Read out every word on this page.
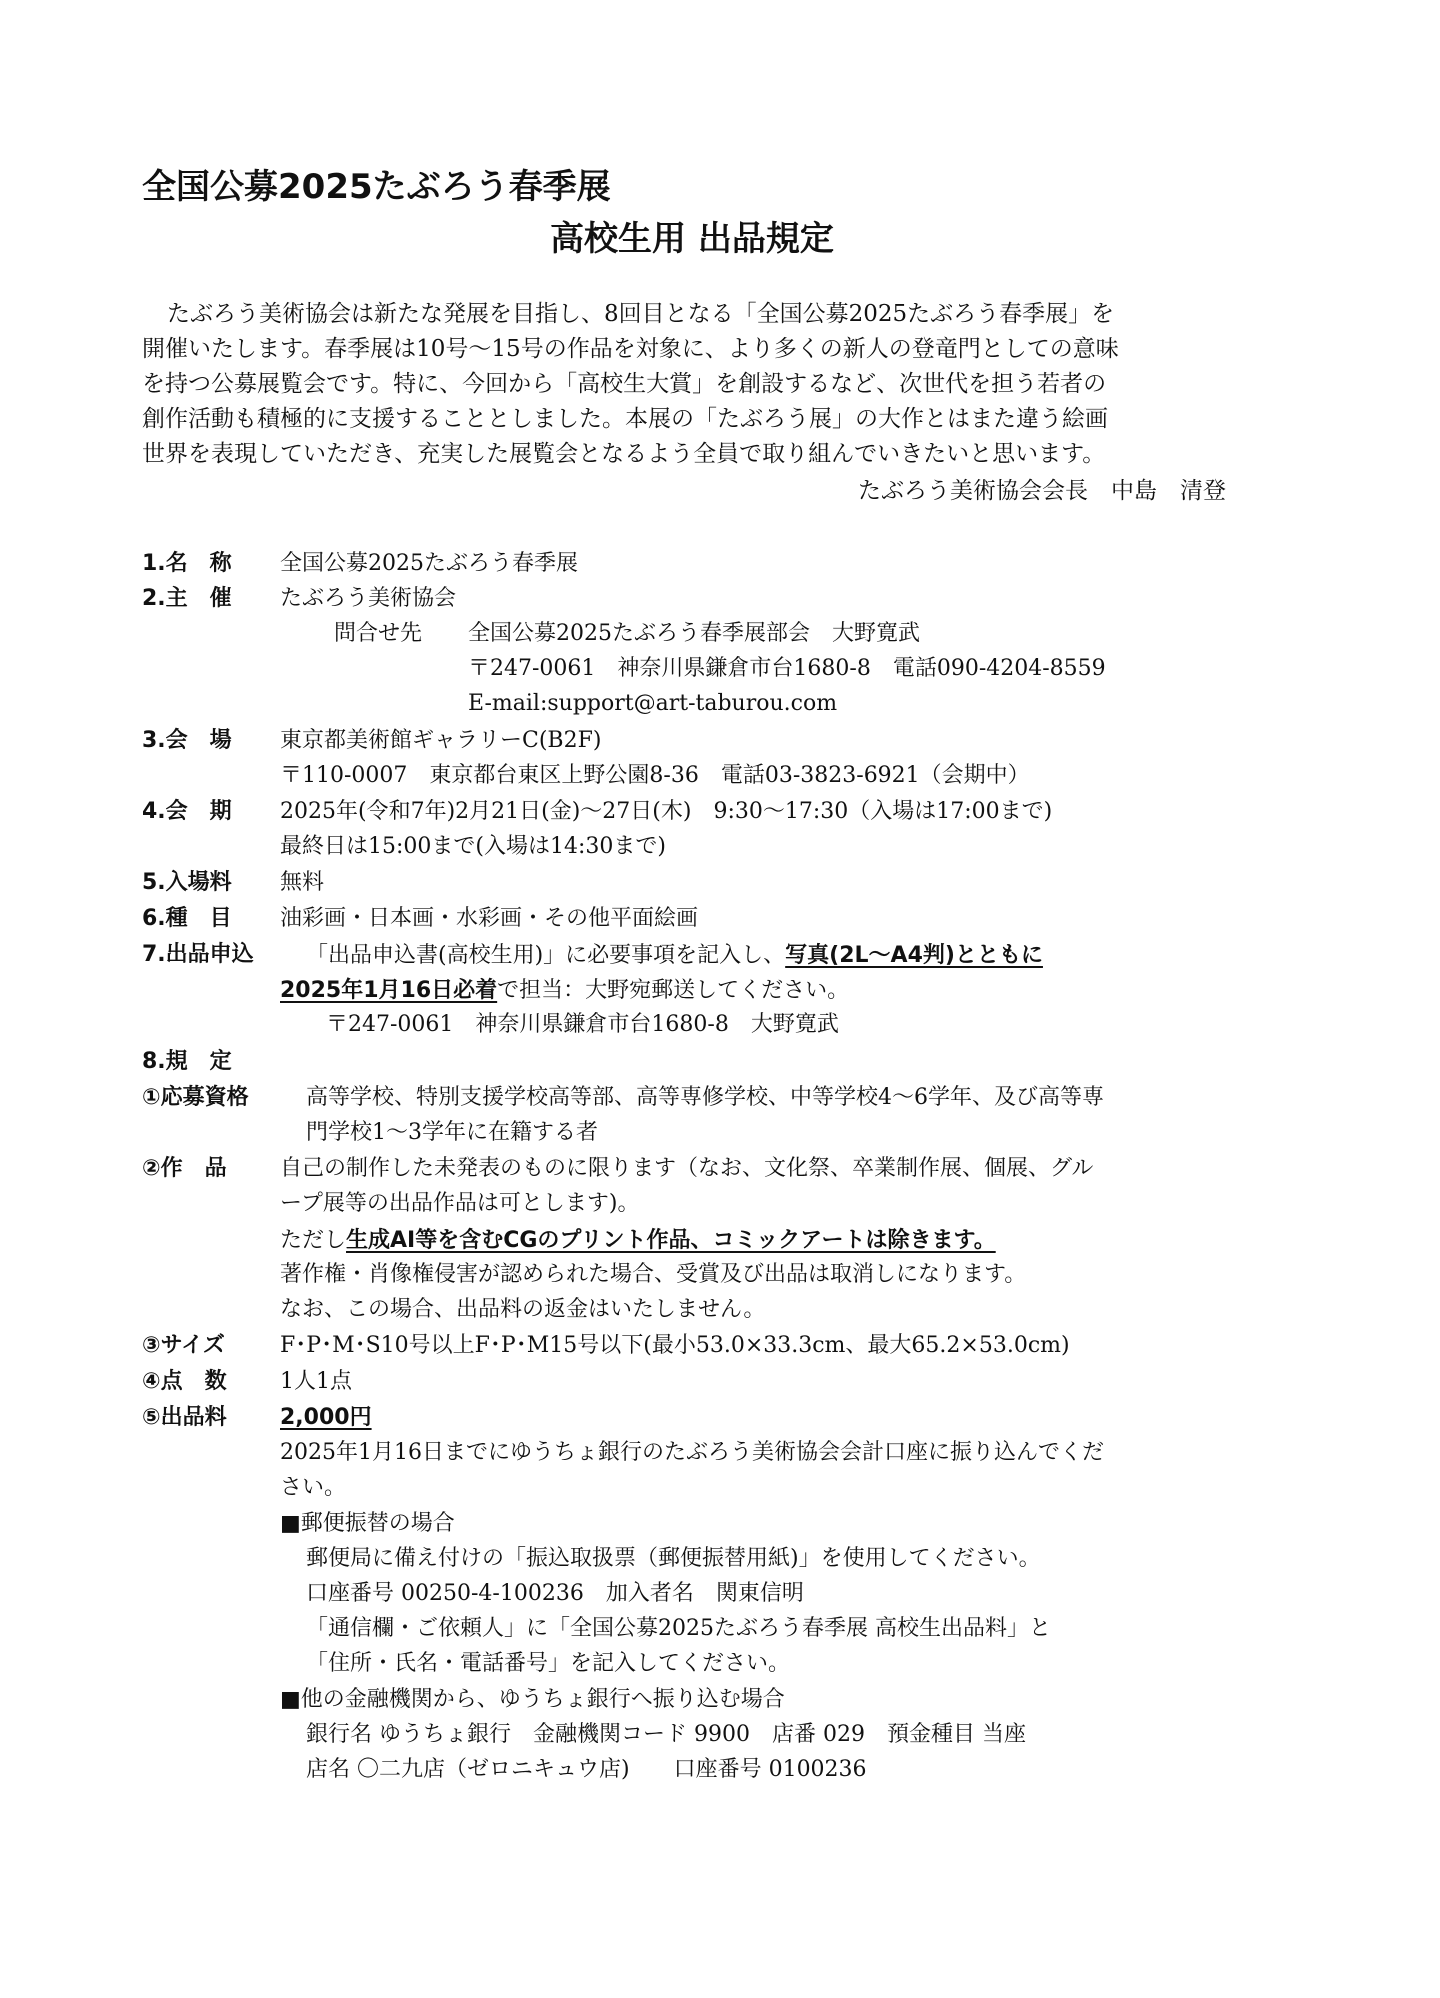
全国公募2025たぶろう春季展
高校生用 出品規定
たぶろう美術協会は新たな発展を目指し、8回目となる「全国公募2025たぶろう春季展」を
開催いたします。春季展は10号～15号の作品を対象に、より多くの新人の登竜門としての意味
を持つ公募展覧会です。特に、今回から「高校生大賞」を創設するなど、次世代を担う若者の
創作活動も積極的に支援することとしました。本展の「たぶろう展」の大作とはまた違う絵画
世界を表現していただき、充実した展覧会となるよう全員で取り組んでいきたいと思います。
たぶろう美術協会会長　中島　清登
1.名　称 全国公募2025たぶろう春季展
2.主　催 たぶろう美術協会
問合せ先 全国公募2025たぶろう春季展部会　大野寛武
〒247-0061　神奈川県鎌倉市台1680-8　電話090-4204-8559
E-mail:support@art-taburou.com
3.会　場 東京都美術館ギャラリーC(B2F)
〒110-0007　東京都台東区上野公園8-36　電話03-3823-6921（会期中）
4.会　期 2025年(令和7年)2月21日(金)～27日(木)　9:30～17:30（入場は17:00まで)
最終日は15:00まで(入場は14:30まで)
5.入場料 無料
6.種　目 油彩画・日本画・水彩画・その他平面絵画
7.出品申込 「出品申込書(高校生用)」に必要事項を記入し、写真(2L～A4判)とともに
2025年1月16日必着で担当：大野宛郵送してください。
〒247-0061　神奈川県鎌倉市台1680-8　大野寛武
8.規　定
①応募資格	高等学校、特別支援学校高等部、高等専修学校、中等学校4～6学年、及び高等専
門学校1～3学年に在籍する者
②作　品 自己の制作した未発表のものに限ります（なお、文化祭、卒業制作展、個展、グル
ープ展等の出品作品は可とします)。
ただし生成AI等を含むCGのプリント作品、コミックアートは除きます。
著作権・肖像権侵害が認められた場合、受賞及び出品は取消しになります。
なお、この場合、出品料の返金はいたしません。
③サイズ	F･P･M･S10号以上F･P･M15号以下(最小53.0×33.3cm、最大65.2×53.0cm)
④点　数 1人1点
⑤出品料 2,000円
2025年1月16日までにゆうちょ銀行のたぶろう美術協会会計口座に振り込んでくだ
さい。
■郵便振替の場合
郵便局に備え付けの「振込取扱票（郵便振替用紙)」を使用してください。
口座番号 00250-4-100236　加入者名　関東信明
「通信欄・ご依頼人」に「全国公募2025たぶろう春季展 高校生出品料」と
「住所・氏名・電話番号」を記入してください。
■他の金融機関から、ゆうちょ銀行へ振り込む場合
銀行名 ゆうちょ銀行　金融機関コード 9900　店番 029　預金種目 当座
店名 〇二九店（ゼロニキュウ店)　　口座番号 0100236
